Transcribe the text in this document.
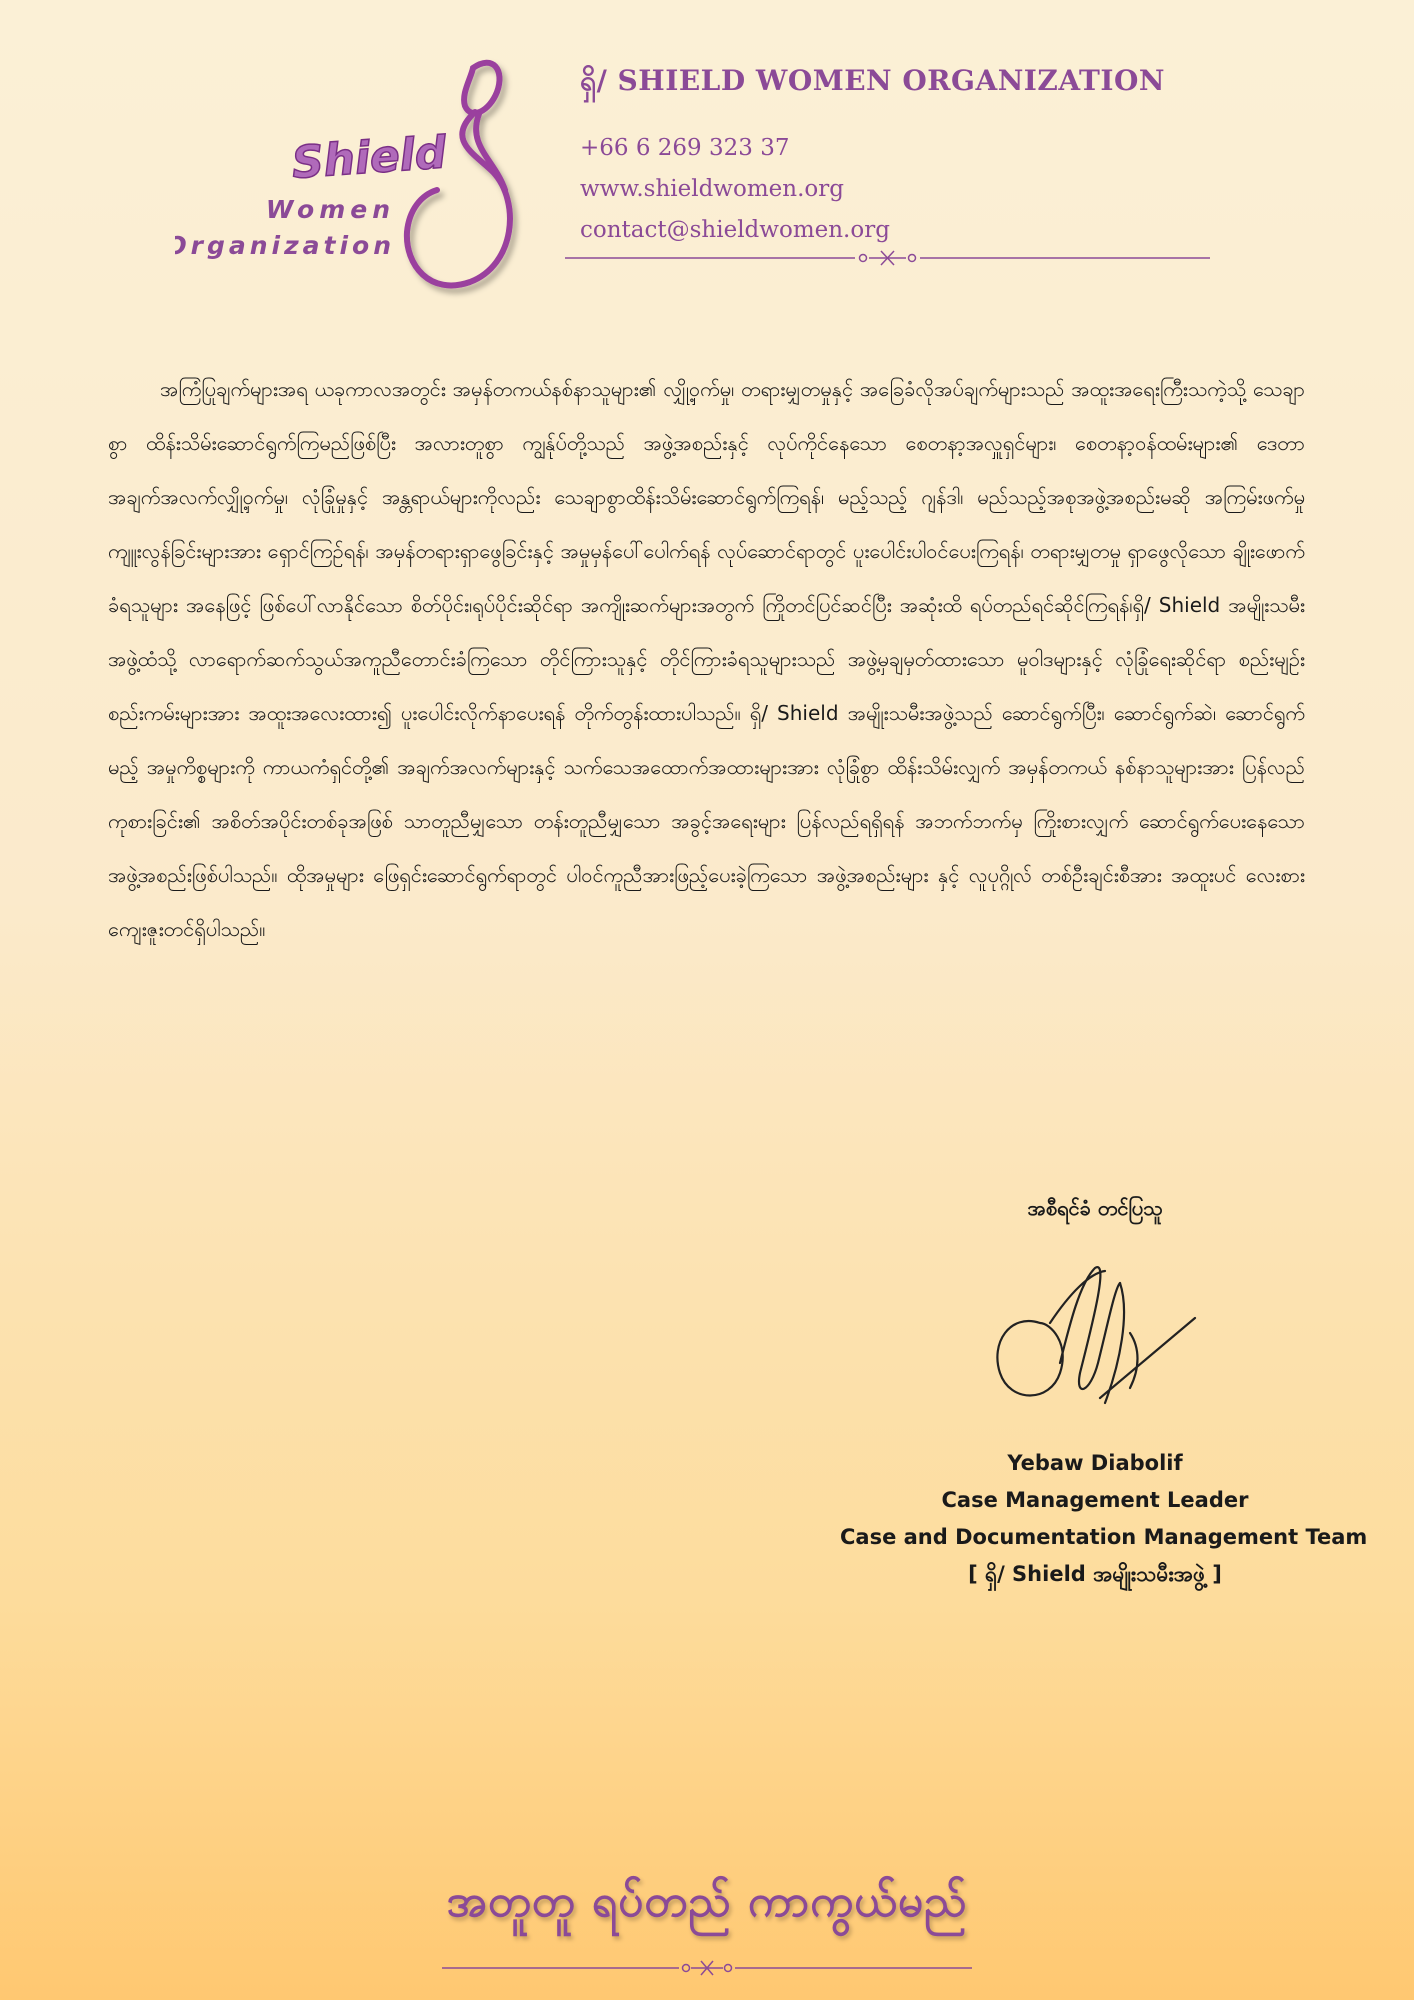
Shield
Women
Organization
ရှိ/ SHIELD WOMEN ORGANIZATION
+66 6 269 323 37
www.shieldwomen.org
contact@shieldwomen.org

အကြံပြုချက်များအရ ယခုကာလအတွင်း အမှန်တကယ်နစ်နာသူများ၏ လျှို့ဝှက်မှု၊ တရားမျှတမှုနှင့် အခြေခံလိုအပ်ချက်များသည် အထူးအရေးကြီးသကဲ့သို့ သေချာစွာ ထိန်းသိမ်းဆောင်ရွက်ကြမည်ဖြစ်ပြီး အလားတူစွာ ကျွန်ုပ်တို့သည် အဖွဲ့အစည်းနှင့် လုပ်ကိုင်နေသော စေတနာ့အလှူရှင်များ၊ စေတနာ့ဝန်ထမ်းများ၏ ဒေတာအချက်အလက်လျှို့ဝှက်မှု၊ လုံခြုံမှုနှင့် အန္တရာယ်များကိုလည်း သေချာစွာထိန်းသိမ်းဆောင်ရွက်ကြရန်၊ မည့်သည့် ဂျန်ဒါ၊ မည်သည့်အစုအဖွဲ့အစည်းမဆို အကြမ်းဖက်မှု ကျူးလွန်ခြင်းများအား ရှောင်ကြဉ်ရန်၊ အမှန်တရားရှာဖွေခြင်းနှင့် အမှုမှန်ပေါ်ပေါက်ရန် လုပ်ဆောင်ရာတွင် ပူးပေါင်းပါဝင်ပေးကြရန်၊ တရားမျှတမှု ရှာဖွေလိုသော ချိုးဖောက်ခံရသူများ အနေဖြင့် ဖြစ်ပေါ်လာနိုင်သော စိတ်ပိုင်း၊ရုပ်ပိုင်းဆိုင်ရာ အကျိုးဆက်များအတွက် ကြိုတင်ပြင်ဆင်ပြီး အဆုံးထိ ရပ်တည်ရင်ဆိုင်ကြရန်၊ရှိ/ Shield အမျိုးသမီးအဖွဲ့ထံသို့ လာရောက်ဆက်သွယ်အကူညီတောင်းခံကြသော တိုင်ကြားသူနှင့် တိုင်ကြားခံရသူများသည် အဖွဲ့မှချမှတ်ထားသော မူဝါဒများနှင့် လုံခြုံရေးဆိုင်ရာ စည်းမျဉ်းစည်းကမ်းများအား အထူးအလေးထား၍ ပူးပေါင်းလိုက်နာပေးရန် တိုက်တွန်းထားပါသည်။ ရှိ/ Shield အမျိုးသမီးအဖွဲ့သည် ဆောင်ရွက်ပြီး၊ ဆောင်ရွက်ဆဲ၊ ဆောင်ရွက်မည့် အမှုကိစ္စများကို ကာယကံရှင်တို့၏ အချက်အလက်များနှင့် သက်သေအထောက်အထားများအား လုံခြုံစွာ ထိန်းသိမ်းလျှက် အမှန်တကယ် နစ်နာသူများအား ပြန်လည်ကုစားခြင်း၏ အစိတ်အပိုင်းတစ်ခုအဖြစ် သာတူညီမျှသော တန်းတူညီမျှသော အခွင့်အရေးများ ပြန်လည်ရရှိရန် အဘက်ဘက်မှ ကြိုးစားလျှက် ဆောင်ရွက်ပေးနေသော အဖွဲ့အစည်းဖြစ်ပါသည်။ ထိုအမှုများ ဖြေရှင်းဆောင်ရွက်ရာတွင် ပါဝင်ကူညီအားဖြည့်ပေးခဲ့ကြသော အဖွဲ့အစည်းများ နှင့် လူပုဂ္ဂိုလ် တစ်ဦးချင်းစီအား အထူးပင် လေးစားကျေးဇူးတင်ရှိပါသည်။

အစီရင်ခံ တင်ပြသူ
Yebaw Diabolif
Case Management Leader
Case and Documentation Management Team
[ ရှိ/ Shield အမျိုးသမီးအဖွဲ့ ]
အတူတူ ရပ်တည် ကာကွယ်မည်
